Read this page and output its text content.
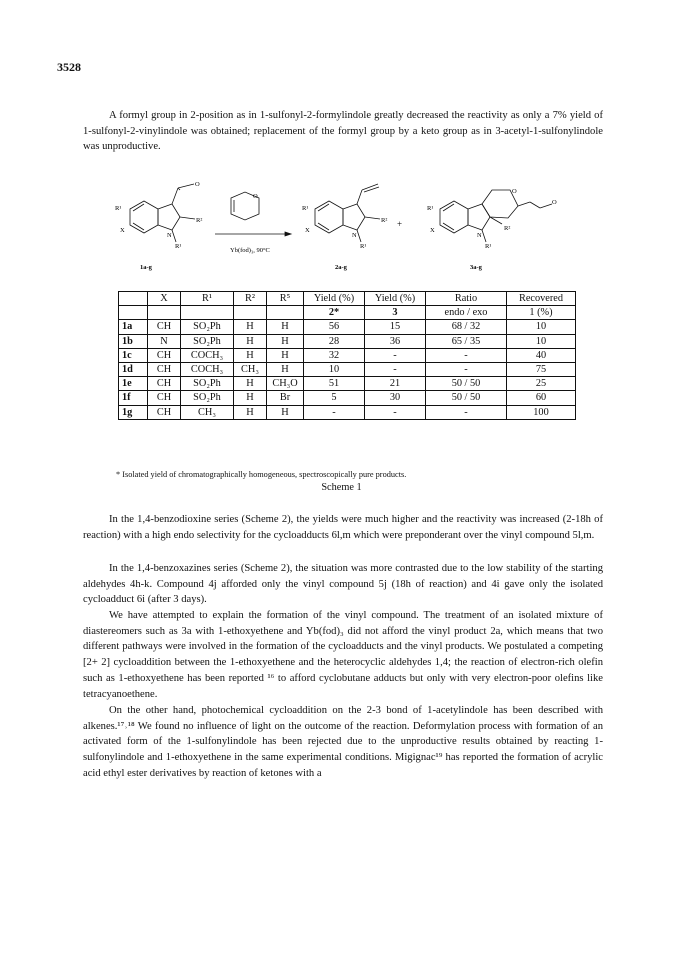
3528

A formyl group in 2-position as in 1-sulfonyl-2-formylindole greatly decreased the reactivity as only a 7% yield of 1-sulfonyl-2-vinylindole was obtained; replacement of the formyl group by a keto group as in 3-acetyl-1-sulfonylindole was unproductive.

O
R¹
R²
X
N
R¹
O
Yb(fod)₃, 90°C
R¹
R²
X
N
R¹
+
R¹
O
O
R²
X
N
R¹
1a-g	2a-g	3a-g
	X	R¹	R²	R⁵	Yield (%)	Yield (%)	Ratio	Recovered
					2*	3	endo / exo	1 (%)
1a	CH	SO₂Ph	H	H	56	15	68 / 32	10
1b	N	SO₂Ph	H	H	28	36	65 / 35	10
1c	CH	COCH₃	H	H	32	-	-	40
1d	CH	COCH₃	CH₃	H	10	-	-	75
1e	CH	SO₂Ph	H	CH₃O	51	21	50 / 50	25
1f	CH	SO₂Ph	H	Br	5	30	50 / 50	60
1g	CH	CH₃	H	H	-	-	-	100
* Isolated yield of chromatographically homogeneous, spectroscopically pure products.
Scheme 1

In the 1,4-benzodioxine series (Scheme 2), the yields were much higher and the reactivity was increased (2-18h of reaction) with a high endo selectivity for the cycloadducts 6l,m which were preponderant over the vinyl compound 5l,m.

In the 1,4-benzoxazines series (Scheme 2), the situation was more contrasted due to the low stability of the starting aldehydes 4h-k. Compound 4j afforded only the vinyl compound 5j (18h of reaction) and 4i gave only the isolated cycloadduct 6i (after 3 days).

We have attempted to explain the formation of the vinyl compound. The treatment of an isolated mixture of diastereomers such as 3a with 1-ethoxyethene and Yb(fod)₃ did not afford the vinyl product 2a, which means that two different pathways were involved in the formation of the cycloadducts and the vinyl products. We postulated a competing [2+ 2] cycloaddition between the 1-ethoxyethene and the heterocyclic aldehydes 1,4; the reaction of electron-rich olefin such as 1-ethoxyethene has been reported ¹⁶ to afford cyclobutane adducts but only with very electron-poor olefins like tetracyanoethene.

On the other hand, photochemical cycloaddition on the 2-3 bond of 1-acetylindole has been described with alkenes.¹⁷˒¹⁸ We found no influence of light on the outcome of the reaction. Deformylation process with formation of an activated form of the 1-sulfonylindole has been rejected due to the unproductive results obtained by reacting 1-sulfonylindole and 1-ethoxyethene in the same experimental conditions. Migignac¹⁹ has reported the formation of acrylic acid ethyl ester derivatives by reaction of ketones with a
